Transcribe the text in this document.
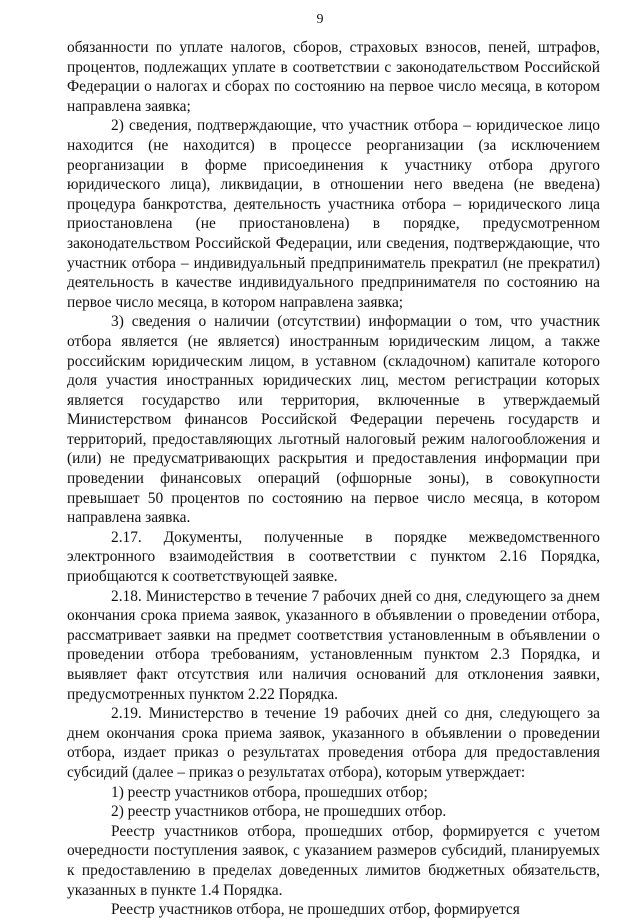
9

обязанности по уплате налогов, сборов, страховых взносов, пеней, штрафов, процентов, подлежащих уплате в соответствии с законодательством Российской Федерации о налогах и сборах по состоянию на первое число месяца, в котором направлена заявка;

2) сведения, подтверждающие, что участник отбора – юридическое лицо находится (не находится) в процессе реорганизации (за исключением реорганизации в форме присоединения к участнику отбора другого юридического лица), ликвидации, в отношении него введена (не введена) процедура банкротства, деятельность участника отбора – юридического лица приостановлена (не приостановлена) в порядке, предусмотренном законодательством Российской Федерации, или сведения, подтверждающие, что участник отбора – индивидуальный предприниматель прекратил (не прекратил) деятельность в качестве индивидуального предпринимателя по состоянию на первое число месяца, в котором направлена заявка;

3) сведения о наличии (отсутствии) информации о том, что участник отбора является (не является) иностранным юридическим лицом, а также российским юридическим лицом, в уставном (складочном) капитале которого доля участия иностранных юридических лиц, местом регистрации которых является государство или территория, включенные в утверждаемый Министерством финансов Российской Федерации перечень государств и территорий, предоставляющих льготный налоговый режим налогообложения и (или) не предусматривающих раскрытия и предоставления информации при проведении финансовых операций (офшорные зоны), в совокупности превышает 50 процентов по состоянию на первое число месяца, в котором направлена заявка.

2.17. Документы, полученные в порядке межведомственного электронного взаимодействия в соответствии с пунктом 2.16 Порядка, приобщаются к соответствующей заявке.

2.18. Министерство в течение 7 рабочих дней со дня, следующего за днем окончания срока приема заявок, указанного в объявлении о проведении отбора, рассматривает заявки на предмет соответствия установленным в объявлении о проведении отбора требованиям, установленным пунктом 2.3 Порядка, и выявляет факт отсутствия или наличия оснований для отклонения заявки, предусмотренных пунктом 2.22 Порядка.

2.19. Министерство в течение 19 рабочих дней со дня, следующего за днем окончания срока приема заявок, указанного в объявлении о проведении отбора, издает приказ о результатах проведения отбора для предоставления субсидий (далее – приказ о результатах отбора), которым утверждает:

1) реестр участников отбора, прошедших отбор;

2) реестр участников отбора, не прошедших отбор.

Реестр участников отбора, прошедших отбор, формируется с учетом очередности поступления заявок, с указанием размеров субсидий, планируемых к предоставлению в пределах доведенных лимитов бюджетных обязательств, указанных в пункте 1.4 Порядка.

Реестр участников отбора, не прошедших отбор, формируется
